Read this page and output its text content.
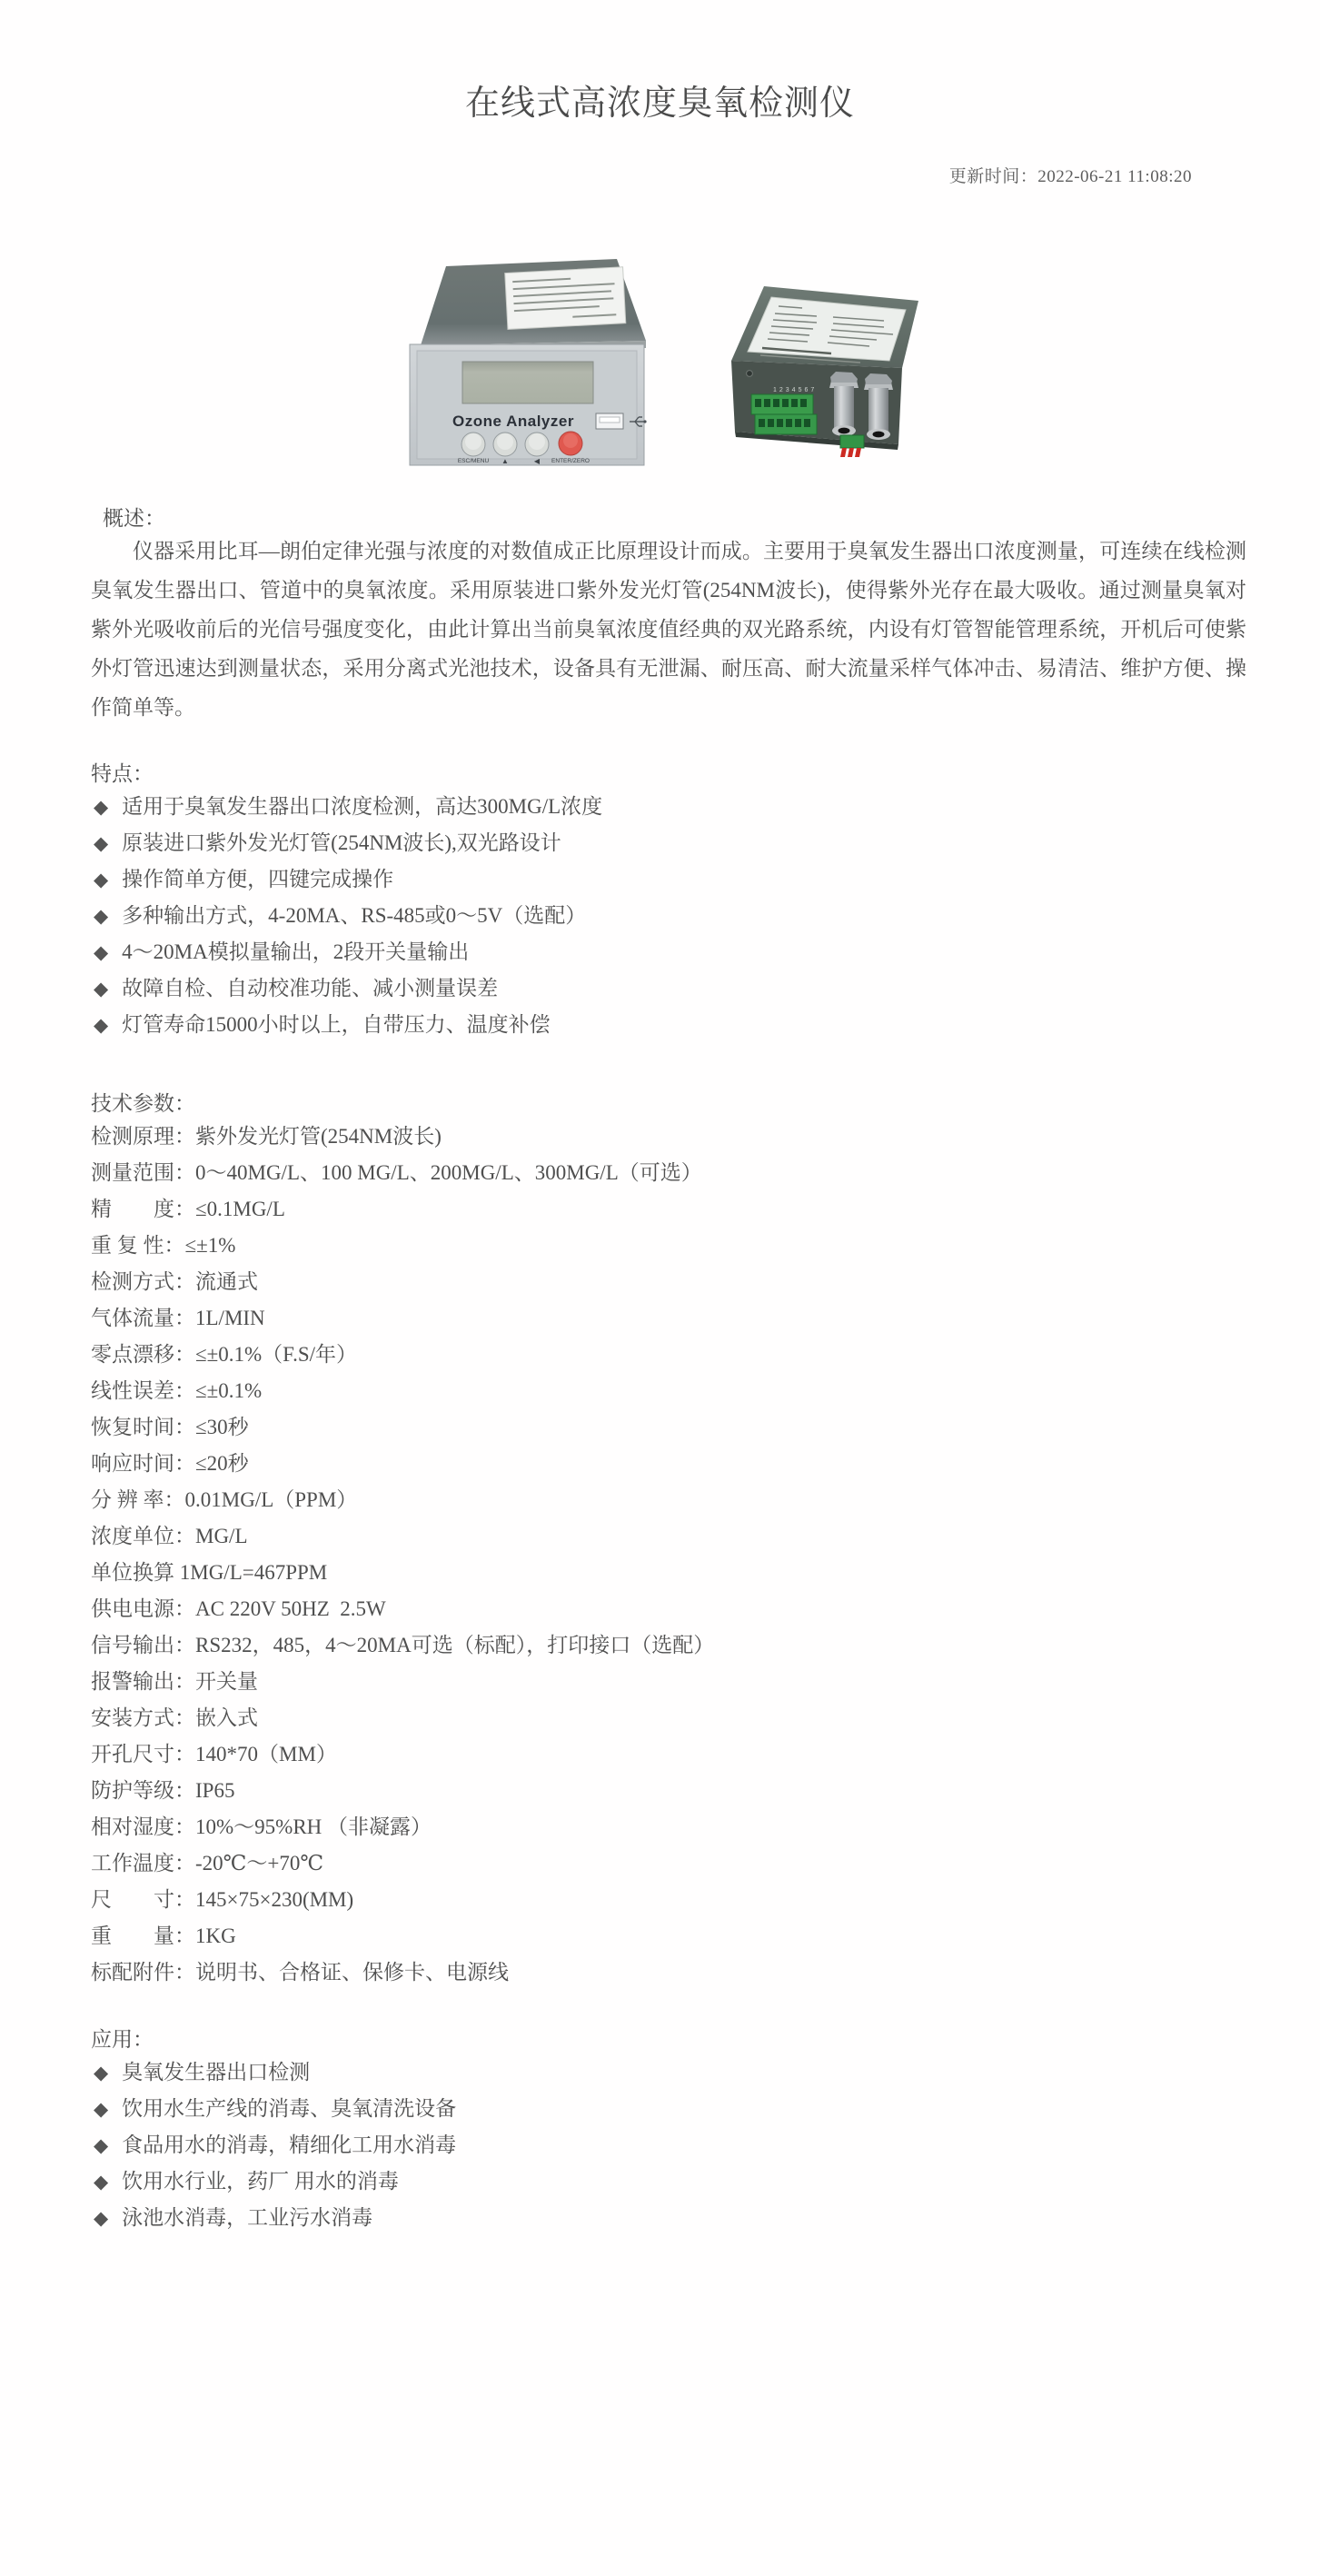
在线式高浓度臭氧检测仪
更新时间：2022-06-21 11:08:20
Ozone Analyzer
ESC/MENU ▲	◀ ENTER/ZERO
1234567
概述：

仪器采用比耳—朗伯定律光强与浓度的对数值成正比原理设计而成。主要用于臭氧发生器出口浓度测量，可连续在线检测臭氧发生器出口、管道中的臭氧浓度。采用原装进口紫外发光灯管(254NM波长)，使得紫外光存在最大吸收。通过测量臭氧对紫外光吸收前后的光信号强度变化，由此计算出当前臭氧浓度值经典的双光路系统，内设有灯管智能管理系统，开机后可使紫外灯管迅速达到测量状态，采用分离式光池技术，设备具有无泄漏、耐压高、耐大流量采样气体冲击、易清洁、维护方便、操作简单等。

特点：
◆ 适用于臭氧发生器出口浓度检测，高达300MG/L浓度
◆ 原装进口紫外发光灯管(254NM波长),双光路设计
◆ 操作简单方便，四键完成操作
◆ 多种输出方式，4-20MA、RS-485或0～5V（选配）
◆ 4～20MA模拟量输出，2段开关量输出
◆ 故障自检、自动校准功能、减小测量误差
◆ 灯管寿命15000小时以上，自带压力、温度补偿
技术参数：
检测原理：紫外发光灯管(254NM波长)
测量范围：0～40MG/L、100 MG/L、200MG/L、300MG/L（可选）
精　　度：≤0.1MG/L
重 复 性：≤±1%
检测方式：流通式
气体流量：1L/MIN
零点漂移：≤±0.1%（F.S/年）
线性误差：≤±0.1%
恢复时间：≤30秒
响应时间：≤20秒
分 辨 率：0.01MG/L（PPM）
浓度单位：MG/L
单位换算 1MG/L=467PPM
供电电源：AC 220V 50HZ  2.5W
信号输出：RS232，485，4～20MA可选（标配），打印接口（选配）
报警输出：开关量
安装方式：嵌入式
开孔尺寸：140*70（MM）
防护等级：IP65
相对湿度：10%～95%RH （非凝露）
工作温度：-20℃～+70℃
尺　　寸：145×75×230(MM)
重　　量：1KG
标配附件：说明书、合格证、保修卡、电源线
应用：
◆ 臭氧发生器出口检测
◆ 饮用水生产线的消毒、臭氧清洗设备
◆ 食品用水的消毒，精细化工用水消毒
◆ 饮用水行业，药厂 用水的消毒
◆ 泳池水消毒，工业污水消毒
